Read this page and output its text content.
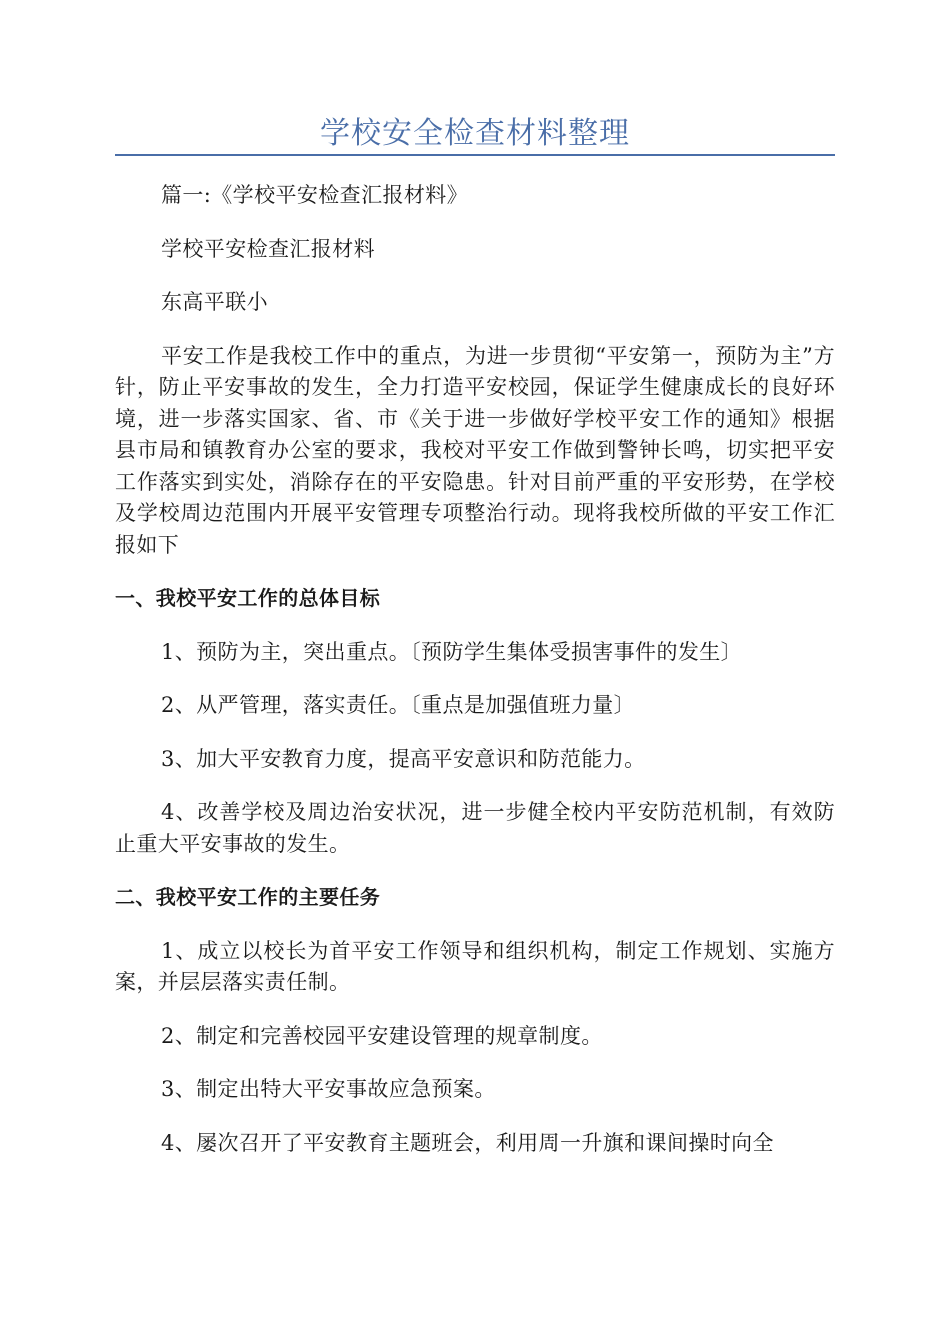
学校安全检查材料整理

篇一:《学校平安检查汇报材料》

学校平安检查汇报材料

东高平联小

平安工作是我校工作中的重点，为进一步贯彻“平安第一，预防为主”方针，防止平安事故的发生，全力打造平安校园，保证学生健康成长的良好环境，进一步落实国家、省、市《关于进一步做好学校平安工作的通知》根据县市局和镇教育办公室的要求，我校对平安工作做到警钟长鸣，切实把平安工作落实到实处，消除存在的平安隐患。针对目前严重的平安形势，在学校及学校周边范围内开展平安管理专项整治行动。现将我校所做的平安工作汇报如下

一、我校平安工作的总体目标

1、预防为主，突出重点。〔预防学生集体受损害事件的发生〕

2、从严管理，落实责任。〔重点是加强值班力量〕

3、加大平安教育力度，提高平安意识和防范能力。

4、改善学校及周边治安状况，进一步健全校内平安防范机制，有效防止重大平安事故的发生。

二、我校平安工作的主要任务

1、成立以校长为首平安工作领导和组织机构，制定工作规划、实施方案，并层层落实责任制。

2、制定和完善校园平安建设管理的规章制度。

3、制定出特大平安事故应急预案。

4、屡次召开了平安教育主题班会，利用周一升旗和课间操时向全
